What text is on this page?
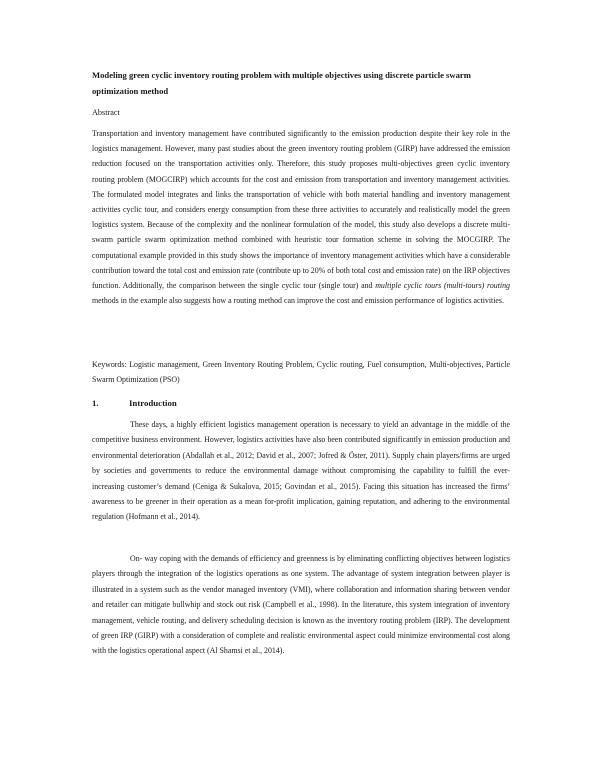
Modeling green cyclic inventory routing problem with multiple objectives using discrete particle swarm optimization method
Abstract
Transportation and inventory management have contributed significantly to the emission production despite their key role in the logistics management. However, many past studies about the green inventory routing problem (GIRP) have addressed the emission reduction focused on the transportation activities only. Therefore, this study proposes multi-objectives green cyclic inventory routing problem (MOGCIRP) which accounts for the cost and emission from transportation and inventory management activities. The formulated model integrates and links the transportation of vehicle with both material handling and inventory management activities cyclic tour, and considers energy consumption from these three activities to accurately and realistically model the green logistics system. Because of the complexity and the nonlinear formulation of the model, this study also develops a discrete multi-swarm particle swarm optimization method combined with heuristic tour formation scheme in solving the MOCGIRP. The computational example provided in this study shows the importance of inventory management activities which have a considerable contribution toward the total cost and emission rate (contribute up to 20% of both total cost and emission rate) on the IRP objectives function. Additionally, the comparison between the single cyclic tour (single tour) and multiple cyclic tours (multi-tours) routing methods in the example also suggests how a routing method can improve the cost and emission performance of logistics activities.
Keywords: Logistic management, Green Inventory Routing Problem, Cyclic routing, Fuel consumption, Multi-objectives, Particle Swarm Optimization (PSO)
1.	Introduction
These days, a highly efficient logistics management operation is necessary to yield an advantage in the middle of the competitive business environment. However, logistics activities have also been contributed significantly in emission production and environmental deterioration (Abdallah et al., 2012; David et al., 2007; Jofred & Öster, 2011). Supply chain players/firms are urged by societies and governments to reduce the environmental damage without compromising the capability to fulfill the ever-increasing customer’s demand (Ceniga & Sukalova, 2015; Govindan et al., 2015). Facing this situation has increased the firms’ awareness to be greener in their operation as a mean for-profit implication, gaining reputation, and adhering to the environmental regulation (Hofmann et al., 2014).
On- way coping with the demands of efficiency and greenness is by eliminating conflicting objectives between logistics players through the integration of the logistics operations as one system. The advantage of system integration between player is illustrated in a system such as the vendor managed inventory (VMI), where collaboration and information sharing between vendor and retailer can mitigate bullwhip and stock out risk (Campbell et al., 1998). In the literature, this system integration of inventory management, vehicle routing, and delivery scheduling decision is known as the inventory routing problem (IRP). The development of green IRP (GIRP) with a consideration of complete and realistic environmental aspect could minimize environmental cost along with the logistics operational aspect (Al Shamsi et al., 2014).
